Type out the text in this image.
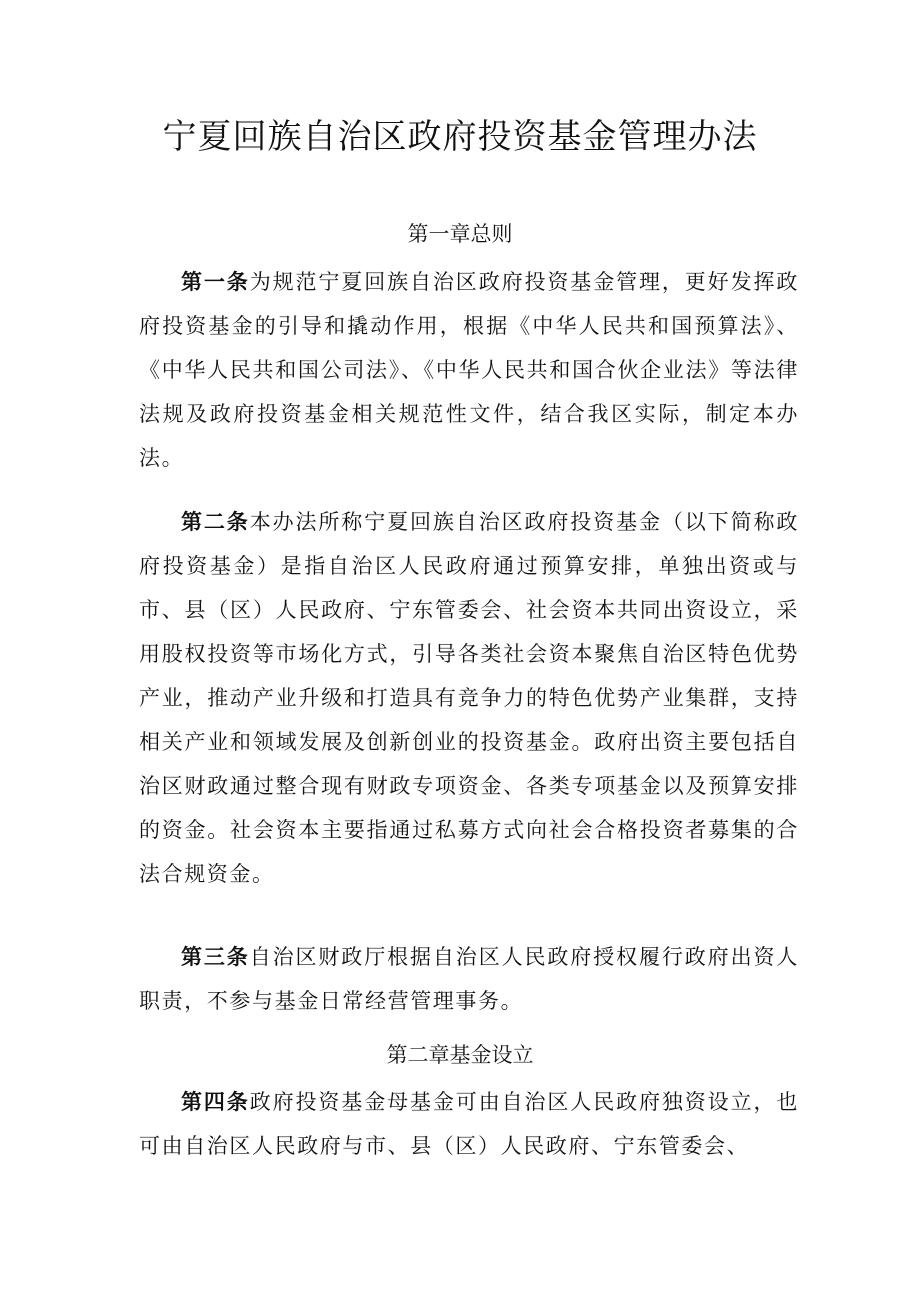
宁夏回族自治区政府投资基金管理办法
第一章总则

第一条为规范宁夏回族自治区政府投资基金管理，更好发挥政府投资基金的引导和撬动作用，根据《中华人民共和国预算法》、《中华人民共和国公司法》、《中华人民共和国合伙企业法》等法律法规及政府投资基金相关规范性文件，结合我区实际，制定本办法。

第二条本办法所称宁夏回族自治区政府投资基金（以下简称政府投资基金）是指自治区人民政府通过预算安排，单独出资或与市、县（区）人民政府、宁东管委会、社会资本共同出资设立，采用股权投资等市场化方式，引导各类社会资本聚焦自治区特色优势产业，推动产业升级和打造具有竞争力的特色优势产业集群，支持相关产业和领域发展及创新创业的投资基金。政府出资主要包括自治区财政通过整合现有财政专项资金、各类专项基金以及预算安排的资金。社会资本主要指通过私募方式向社会合格投资者募集的合法合规资金。

第三条自治区财政厅根据自治区人民政府授权履行政府出资人职责，不参与基金日常经营管理事务。

第二章基金设立

第四条政府投资基金母基金可由自治区人民政府独资设立，也可由自治区人民政府与市、县（区）人民政府、宁东管委会、
